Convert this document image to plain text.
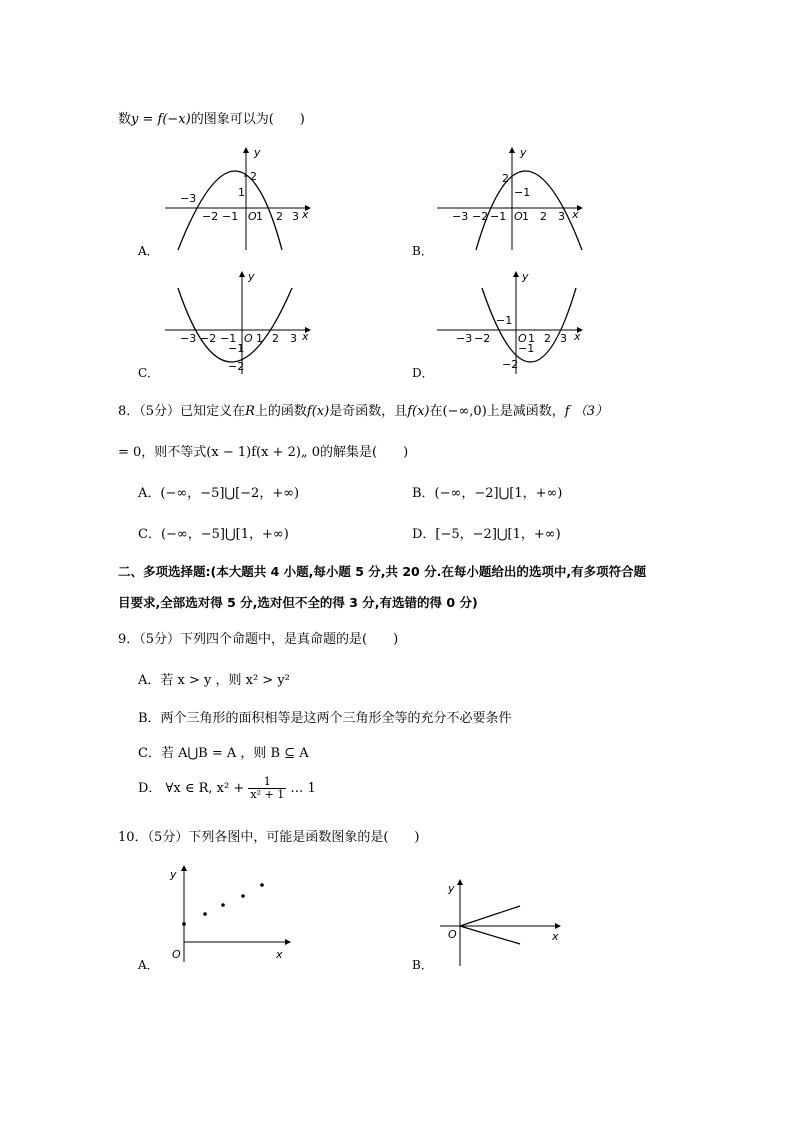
数y = f(−x)的图象可以为(　　)
y
x
−3
−2 −1 O 1 2 3
1
2
A．
y
x
−3 −2 −1 O 1 2 3
2
−1
B．
y
x
−3 −2 −1 O 1 2 3
−1
−2
C．
y
x
−3 −2	O 1 2 3
−1
−1
−2
D．
8．（5分）已知定义在R上的函数f(x)是奇函数，且f(x)在(−∞,0)上是减函数，f （3）
= 0，则不等式(x − 1)f(x + 2)„ 0的解集是(　　)
A．(−∞，−5]⋃[−2，+∞)	B．(−∞，−2]⋃[1，+∞)
C．(−∞，−5]⋃[1，+∞)	D．[−5，−2]⋃[1，+∞)
二、多项选择题:(本大题共 4 小题,每小题 5 分,共 20 分.在每小题给出的选项中,有多项符合题
目要求,全部选对得 5 分,选对但不全的得 3 分,有选错的得 0 分)
9．（5分）下列四个命题中，是真命题的是(　　)
A．若 x > y ，则 x² > y²
B．两个三角形的面积相等是这两个三角形全等的充分不必要条件
C．若 A⋃B = A ，则 B ⊆ A
D． ∀x ∈ R, $x^2 + \frac{1}{\text{x² + 1}}$ … 1
10．（5分）下列各图中，可能是函数图象的是(　　)
y
x
O
A．
y
x
O
B．
